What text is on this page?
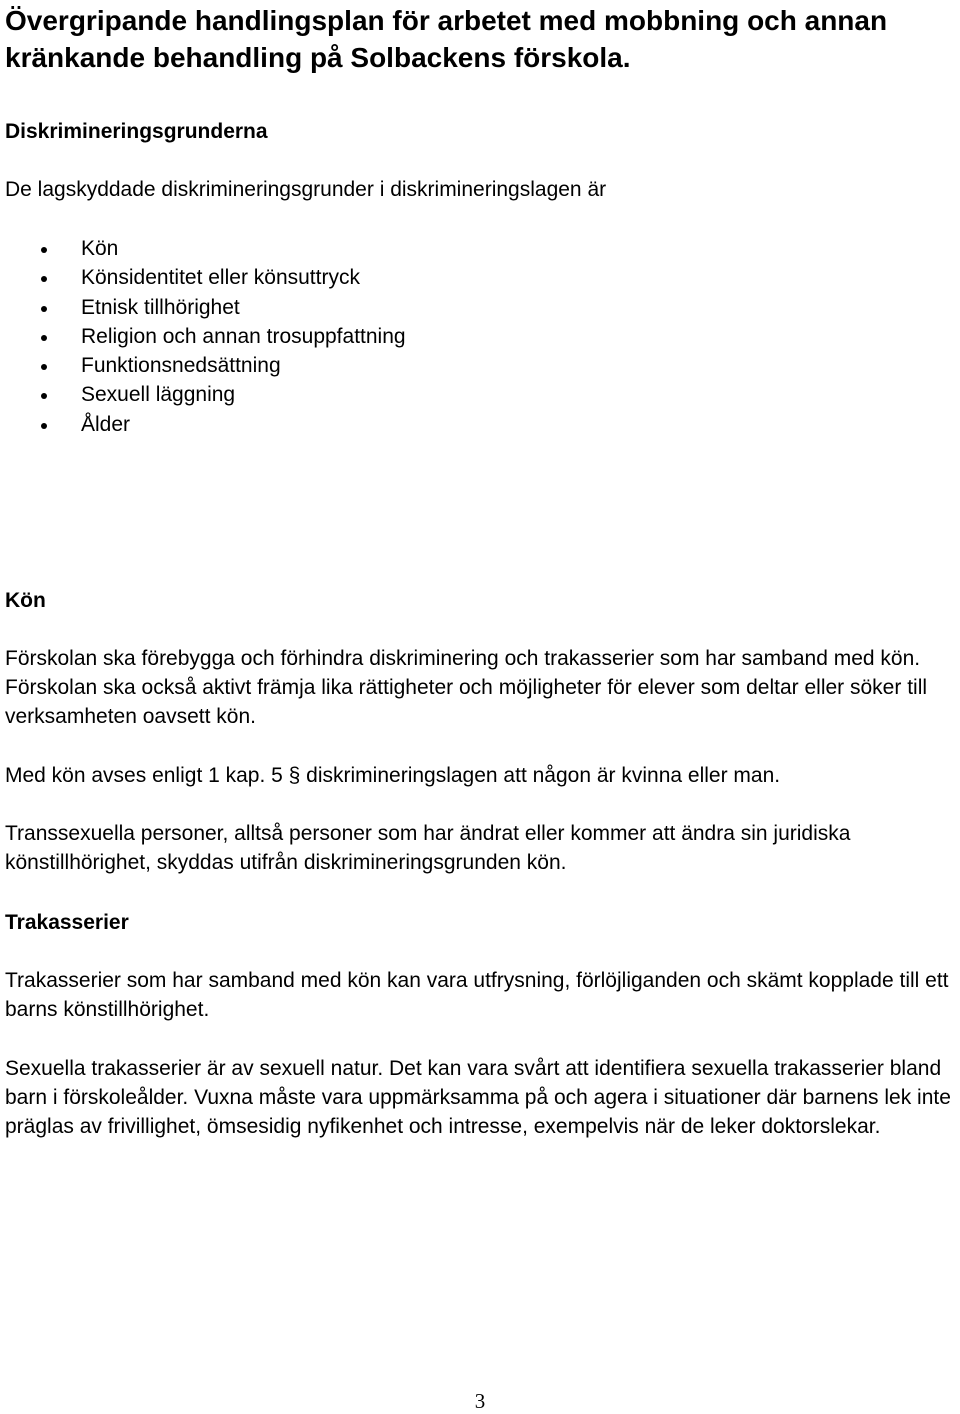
Övergripande handlingsplan för arbetet med mobbning och annan kränkande behandling på Solbackens förskola.
Diskrimineringsgrunderna

De lagskyddade diskrimineringsgrunder i diskrimineringslagen är

Kön
Könsidentitet eller könsuttryck
Etnisk tillhörighet
Religion och annan trosuppfattning
Funktionsnedsättning
Sexuell läggning
Ålder
Kön

Förskolan ska förebygga och förhindra diskriminering och trakasserier som har samband med kön. Förskolan ska också aktivt främja lika rättigheter och möjligheter för elever som deltar eller söker till verksamheten oavsett kön.

Med kön avses enligt 1 kap. 5 § diskrimineringslagen att någon är kvinna eller man.

Transsexuella personer, alltså personer som har ändrat eller kommer att ändra sin juridiska könstillhörighet, skyddas utifrån diskrimineringsgrunden kön.

Trakasserier

Trakasserier som har samband med kön kan vara utfrysning, förlöjliganden och skämt kopplade till ett barns könstillhörighet.

Sexuella trakasserier är av sexuell natur. Det kan vara svårt att identifiera sexuella trakasserier bland barn i förskoleålder. Vuxna måste vara uppmärksamma på och agera i situationer där barnens lek inte präglas av frivillighet, ömsesidig nyfikenhet och intresse, exempelvis när de leker doktorslekar.

3
